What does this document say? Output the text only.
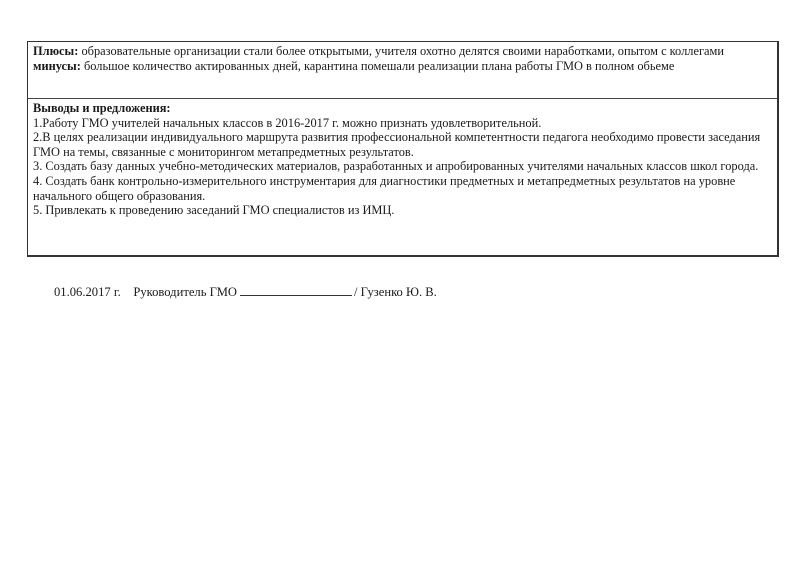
Плюсы: образовательные организации стали более открытыми, учителя охотно делятся своими наработками, опытом с коллегами
минусы: большое количество актированных дней, карантина помешали реализации плана работы ГМО в полном обьеме
Выводы и предложения:
1.Работу ГМО учителей начальных классов в 2016-2017 г. можно признать удовлетворительной.
2.В целях реализации индивидуального маршрута развития профессиональной компетентности педагога необходимо провести заседания ГМО на темы, связанные с мониторингом метапредметных результатов.
3. Создать базу данных учебно-методических материалов, разработанных и апробированных учителями начальных классов школ города.
4. Создать банк контрольно-измерительного инструментария для диагностики предметных и метапредметных результатов на уровне начального общего образования.
5. Привлекать к проведению заседаний ГМО специалистов из ИМЦ.
01.06.2017 г. Руководитель ГМО	/ Гузенко Ю. В.
